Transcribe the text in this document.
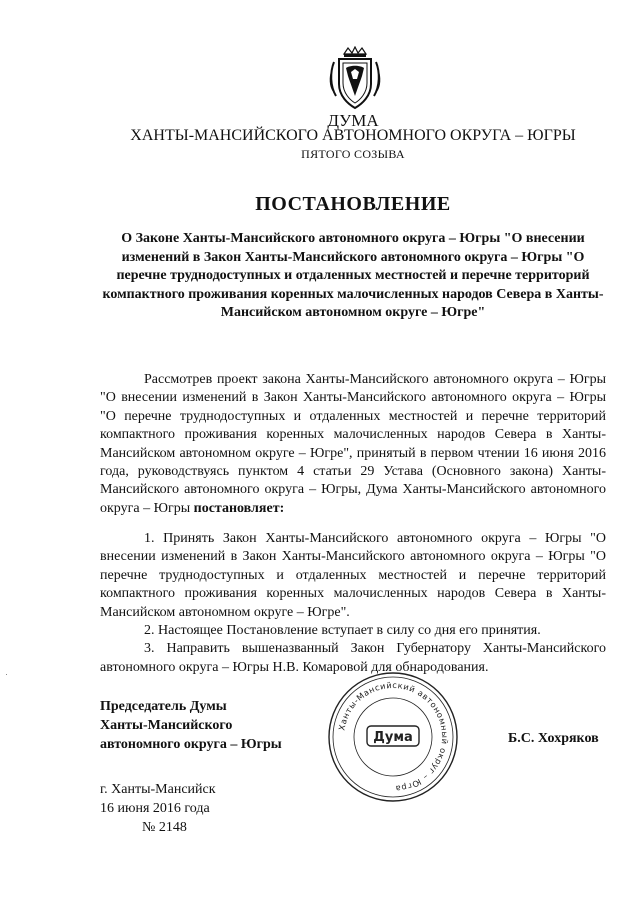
ДУМА
ХАНТЫ-МАНСИЙСКОГО АВТОНОМНОГО ОКРУГА – ЮГРЫ
ПЯТОГО СОЗЫВА
ПОСТАНОВЛЕНИЕ
О Законе Ханты-Мансийского автономного округа – Югры "О внесении изменений в Закон Ханты-Мансийского автономного округа – Югры "О перечне труднодоступных и отдаленных местностей и перечне территорий компактного проживания коренных малочисленных народов Севера в Ханты-Мансийском автономном округе – Югре"
Рассмотрев проект закона Ханты-Мансийского автономного округа – Югры "О внесении изменений в Закон Ханты-Мансийского автономного округа – Югры "О перечне труднодоступных и отдаленных местностей и перечне территорий компактного проживания коренных малочисленных народов Севера в Ханты-Мансийском автономном округе – Югре", принятый в первом чтении 16 июня 2016 года, руководствуясь пунктом 4 статьи 29 Устава (Основного закона) Ханты-Мансийского автономного округа – Югры, Дума Ханты-Мансийского автономного округа – Югры постановляет:

1. Принять Закон Ханты-Мансийского автономного округа – Югры "О внесении изменений в Закон Ханты-Мансийского автономного округа – Югры "О перечне труднодоступных и отдаленных местностей и перечне территорий компактного проживания коренных малочисленных народов Севера в Ханты-Мансийском автономном округе – Югре".

2. Настоящее Постановление вступает в силу со дня его принятия.

3. Направить вышеназванный Закон Губернатору Ханты-Мансийского автономного округа – Югры Н.В. Комаровой для обнародования.

Председатель Думы
Ханты-Мансийского
автономного округа – Югры
Ханты-Мансийский автономный округ – Югра
Дума	Б.С. Хохряков
г. Ханты-Мансийск
16 июня 2016 года
№ 2148
